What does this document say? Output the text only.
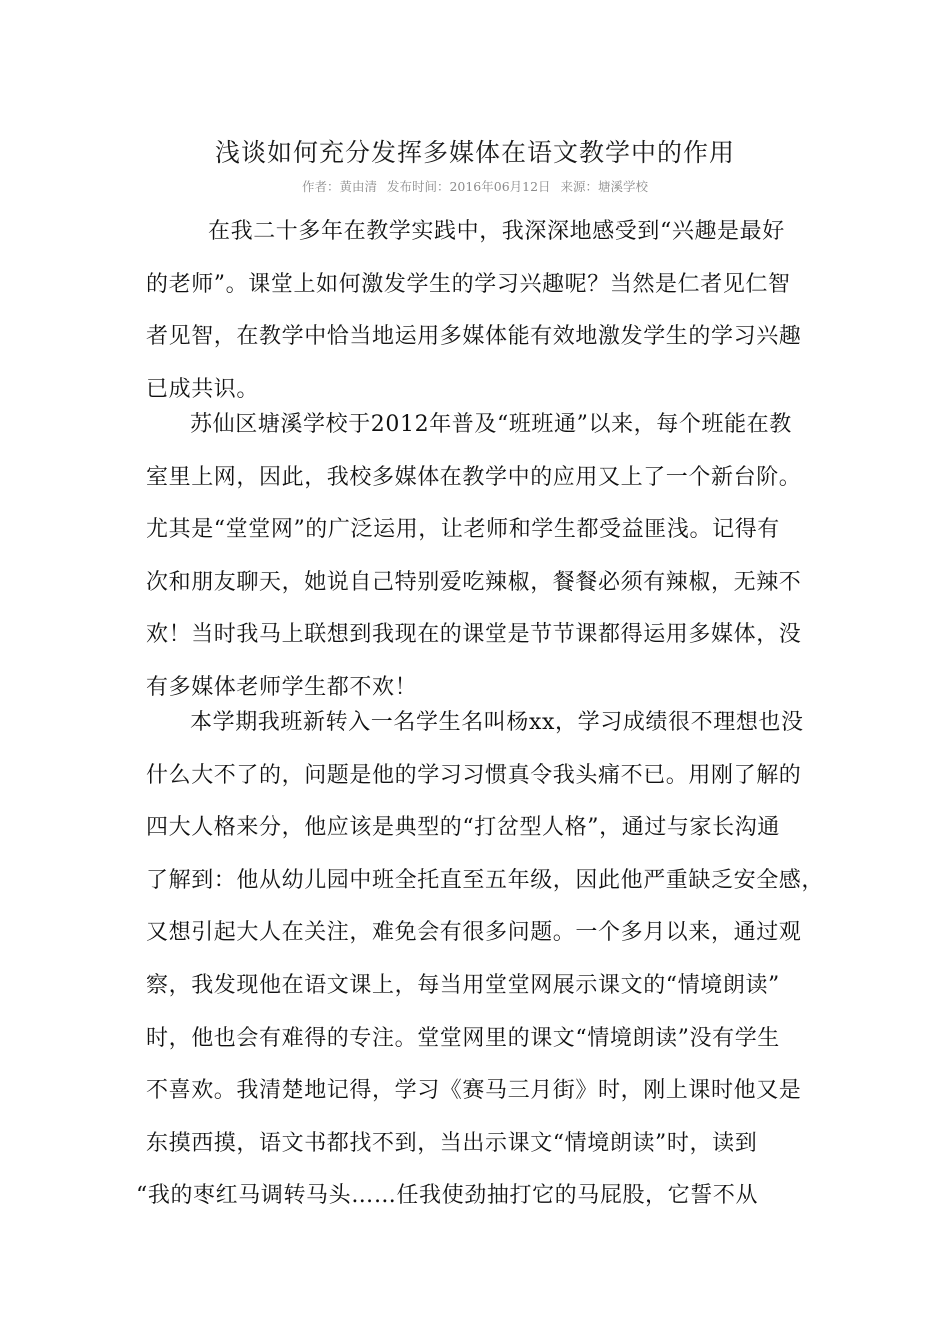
浅谈如何充分发挥多媒体在语文教学中的作用
作者：黄由清 发布时间：2016年06月12日 来源：塘溪学校
在我二十多年在教学实践中，我深深地感受到“兴趣是最好
的老师”。课堂上如何激发学生的学习兴趣呢？当然是仁者见仁智
者见智，在教学中恰当地运用多媒体能有效地激发学生的学习兴趣
已成共识。
苏仙区塘溪学校于2012年普及“班班通”以来，每个班能在教
室里上网，因此，我校多媒体在教学中的应用又上了一个新台阶。
尤其是“堂堂网”的广泛运用，让老师和学生都受益匪浅。记得有
次和朋友聊天，她说自己特别爱吃辣椒，餐餐必须有辣椒，无辣不
欢！当时我马上联想到我现在的课堂是节节课都得运用多媒体，没
有多媒体老师学生都不欢！
本学期我班新转入一名学生名叫杨xx，学习成绩很不理想也没
什么大不了的，问题是他的学习习惯真令我头痛不已。用刚了解的
四大人格来分，他应该是典型的“打岔型人格”，通过与家长沟通
了解到：他从幼儿园中班全托直至五年级，因此他严重缺乏安全感，
又想引起大人在关注，难免会有很多问题。一个多月以来，通过观
察，我发现他在语文课上，每当用堂堂网展示课文的“情境朗读”
时，他也会有难得的专注。堂堂网里的课文“情境朗读”没有学生
不喜欢。我清楚地记得，学习《赛马三月街》时，刚上课时他又是
东摸西摸，语文书都找不到，当出示课文“情境朗读”时，读到
“我的枣红马调转马头……任我使劲抽打它的马屁股，它誓不从
